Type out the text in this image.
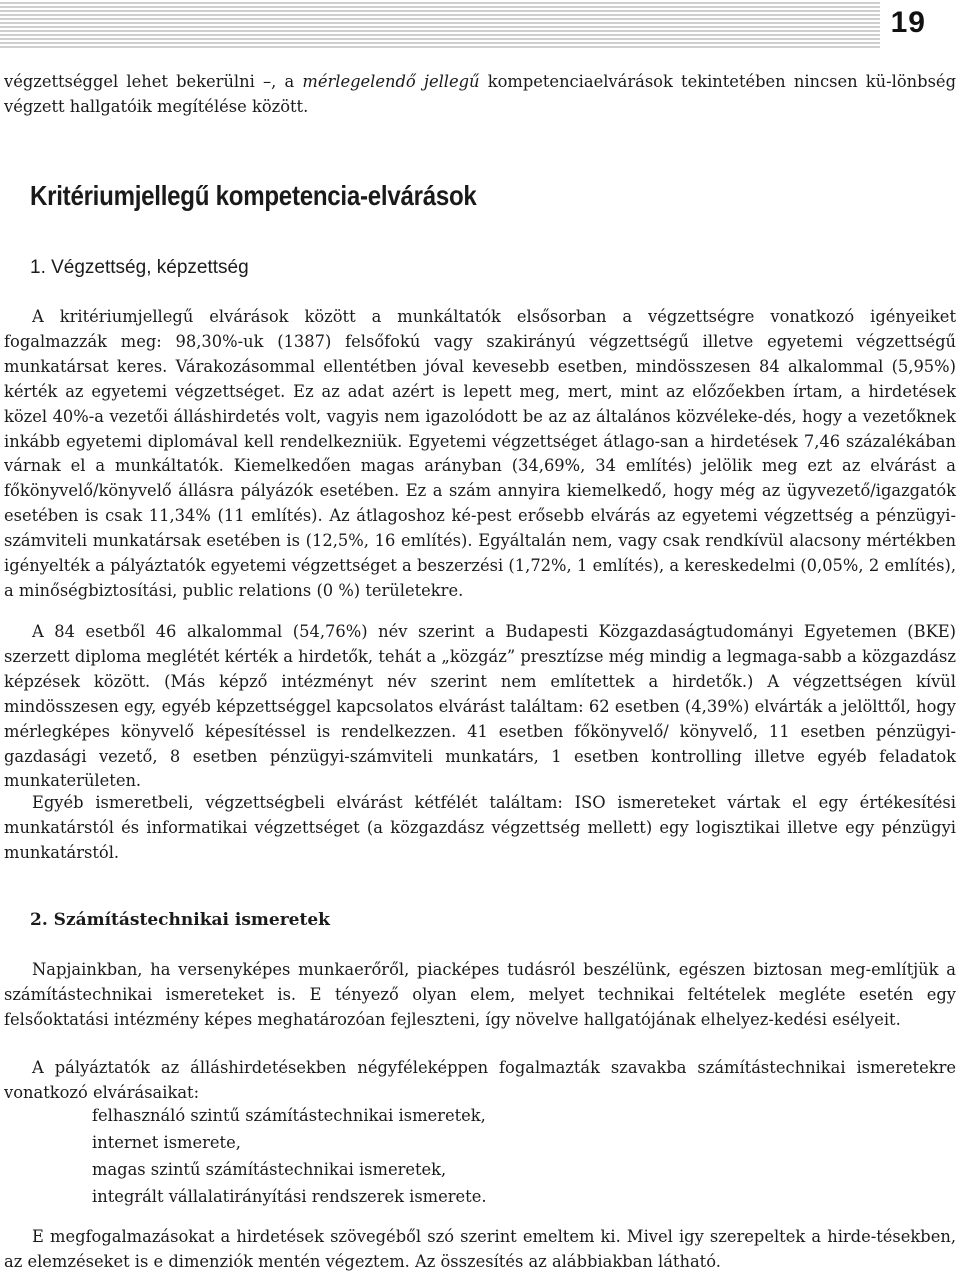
19

végzettséggel lehet bekerülni –, a mérlegelendő jellegű kompetenciaelvárások tekintetében nincsen kü-lönbség végzett hallgatóik megítélése között.

Kritériumjellegű kompetencia-elvárások
1. Végzettség, képzettség

A kritériumjellegű elvárások között a munkáltatók elsősorban a végzettségre vonatkozó igényeiket fogalmazzák meg: 98,30%-uk (1387) felsőfokú vagy szakirányú végzettségű illetve egyetemi végzettségű munkatársat keres. Várakozásommal ellentétben jóval kevesebb esetben, mindösszesen 84 alkalommal (5,95%) kérték az egyetemi végzettséget. Ez az adat azért is lepett meg, mert, mint az előzőekben írtam, a hirdetések közel 40%-a vezetői álláshirdetés volt, vagyis nem igazolódott be az az általános közvéleke-dés, hogy a vezetőknek inkább egyetemi diplomával kell rendelkezniük. Egyetemi végzettséget átlago-san a hirdetések 7,46 százalékában várnak el a munkáltatók. Kiemelkedően magas arányban (34,69%, 34 említés) jelölik meg ezt az elvárást a főkönyvelő/könyvelő állásra pályázók esetében. Ez a szám annyira kiemelkedő, hogy még az ügyvezető/igazgatók esetében is csak 11,34% (11 említés). Az átlagoshoz ké-pest erősebb elvárás az egyetemi végzettség a pénzügyi-számviteli munkatársak esetében is (12,5%, 16 említés). Egyáltalán nem, vagy csak rendkívül alacsony mértékben igényelték a pályáztatók egyetemi végzettséget a beszerzési (1,72%, 1 említés), a kereskedelmi (0,05%, 2 említés), a minőségbiztosítási, public relations (0 %) területekre.

A 84 esetből 46 alkalommal (54,76%) név szerint a Budapesti Közgazdaságtudományi Egyetemen (BKE) szerzett diploma meglétét kérték a hirdetők, tehát a „közgáz” presztízse még mindig a legmaga-sabb a közgazdász képzések között. (Más képző intézményt név szerint nem említettek a hirdetők.) A végzettségen kívül mindösszesen egy, egyéb képzettséggel kapcsolatos elvárást találtam: 62 esetben (4,39%) elvárták a jelölttől, hogy mérlegképes könyvelő képesítéssel is rendelkezzen. 41 esetben főkönyvelő/ könyvelő, 11 esetben pénzügyi-gazdasági vezető, 8 esetben pénzügyi-számviteli munkatárs, 1 esetben kontrolling illetve egyéb feladatok munkaterületen.

Egyéb ismeretbeli, végzettségbeli elvárást kétfélét találtam: ISO ismereteket vártak el egy értékesítési munkatárstól és informatikai végzettséget (a közgazdász végzettség mellett) egy logisztikai illetve egy pénzügyi munkatárstól.

2. Számítástechnikai ismeretek

Napjainkban, ha versenyképes munkaerőről, piacképes tudásról beszélünk, egészen biztosan meg-említjük a számítástechnikai ismereteket is. E tényező olyan elem, melyet technikai feltételek megléte esetén egy felsőoktatási intézmény képes meghatározóan fejleszteni, így növelve hallgatójának elhelyez-kedési esélyeit.

A pályáztatók az álláshirdetésekben négyféleképpen fogalmazták szavakba számítástechnikai ismeretekre vonatkozó elvárásaikat:

felhasználó szintű számítástechnikai ismeretek,
internet ismerete,
magas szintű számítástechnikai ismeretek,
integrált vállalatirányítási rendszerek ismerete.

E megfogalmazásokat a hirdetések szövegéből szó szerint emeltem ki. Mivel igy szerepeltek a hirde-tésekben, az elemzéseket is e dimenziók mentén végeztem. Az összesítés az alábbiakban látható.
